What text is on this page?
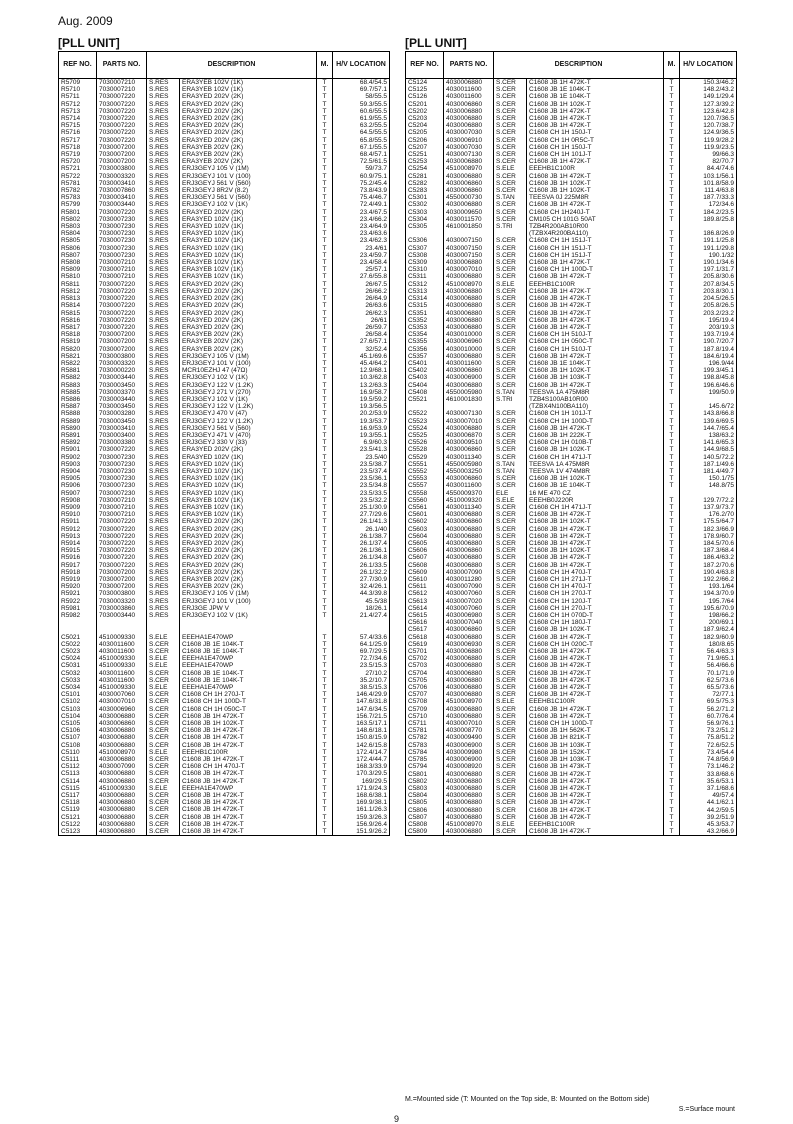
Aug. 2009
[PLL UNIT]	[PLL UNIT]
REF NO.	PARTS NO.	DESCRIPTION		M.	H/V LOCATION
R5709	7030007210	S.RES	ERA3YEB 102V (1K)	T	68.4/54.5
R5710	7030007210	S.RES	ERA3YEB 102V (1K)	T	69.7/57.1
R5711	7030007220	S.RES	ERA3YED 202V (2K)	T	58/55.5
R5712	7030007220	S.RES	ERA3YED 202V (2K)	T	59.3/55.5
R5713	7030007220	S.RES	ERA3YED 202V (2K)	T	60.6/55.5
R5714	7030007220	S.RES	ERA3YED 202V (2K)	T	61.9/55.5
R5715	7030007220	S.RES	ERA3YED 202V (2K)	T	63.2/55.5
R5716	7030007220	S.RES	ERA3YED 202V (2K)	T	64.5/55.5
R5717	7030007220	S.RES	ERA3YED 202V (2K)	T	65.8/55.5
R5718	7030007200	S.RES	ERA3YEB 202V (2K)	T	67.1/55.5
R5719	7030007200	S.RES	ERA3YEB 202V (2K)	T	68.4/57.1
R5720	7030007200	S.RES	ERA3YEB 202V (2K)	T	72.5/61.5
R5721	7030003800	S.RES	ERJ3GEYJ 105 V (1M)	T	59/73.7
R5722	7030003320	S.RES	ERJ3GEYJ 101 V (100)	T	60.9/75.1
R5781	7030003410	S.RES	ERJ3GEYJ 561 V (560)	T	75.2/45.4
R5782	7030007860	S.RES	ERJ3GEYJ 8R2V (8.2)	T	73.8/43.9
R5783	7030003410	S.RES	ERJ3GEYJ 561 V (560)	T	75.4/46.7
R5799	7030003440	S.RES	ERJ3GEYJ 102 V (1K)	T	72.4/49.1
R5801	7030007220	S.RES	ERA3YED 202V (2K)	T	23.4/67.5
R5802	7030007230	S.RES	ERA3YED 102V (1K)	T	23.4/66.2
R5803	7030007230	S.RES	ERA3YED 102V (1K)	T	23.4/64.9
R5804	7030007230	S.RES	ERA3YED 102V (1K)	T	23.4/63.6
R5805	7030007230	S.RES	ERA3YED 102V (1K)	T	23.4/62.3
R5806	7030007230	S.RES	ERA3YED 102V (1K)	T	23.4/61
R5807	7030007230	S.RES	ERA3YED 102V (1K)	T	23.4/59.7
R5808	7030007210	S.RES	ERA3YEB 102V (1K)	T	23.4/58.4
R5809	7030007210	S.RES	ERA3YEB 102V (1K)	T	25/57.1
R5810	7030007210	S.RES	ERA3YEB 102V (1K)	T	27.6/55.8
R5811	7030007220	S.RES	ERA3YED 202V (2K)	T	26/67.5
R5812	7030007220	S.RES	ERA3YED 202V (2K)	T	26/66.2
R5813	7030007220	S.RES	ERA3YED 202V (2K)	T	26/64.9
R5814	7030007220	S.RES	ERA3YED 202V (2K)	T	26/63.6
R5815	7030007220	S.RES	ERA3YED 202V (2K)	T	26/62.3
R5816	7030007220	S.RES	ERA3YED 202V (2K)	T	26/61
R5817	7030007220	S.RES	ERA3YED 202V (2K)	T	26/59.7
R5818	7030007200	S.RES	ERA3YEB 202V (2K)	T	26/58.4
R5819	7030007200	S.RES	ERA3YEB 202V (2K)	T	27.6/57.1
R5820	7030007200	S.RES	ERA3YEB 202V (2K)	T	32/52.4
R5821	7030003800	S.RES	ERJ3GEYJ 105 V (1M)	T	45.1/69.6
R5822	7030003320	S.RES	ERJ3GEYJ 101 V (100)	T	45.4/64.2
R5881	7030000220	S.RES	MCR10EZHJ 47 (47Ω)	T	12.9/68.1
R5882	7030003440	S.RES	ERJ3GEYJ 102 V (1K)	T	10.3/62.8
R5883	7030003450	S.RES	ERJ3GEYJ 122 V (1.2K)	T	13.2/63.3
R5885	7030003370	S.RES	ERJ3GEYJ 271 V (270)	T	16.9/58.7
R5886	7030003440	S.RES	ERJ3GEYJ 102 V (1K)	T	19.5/59.2
R5887	7030003450	S.RES	ERJ3GEYJ 122 V (1.2K)	T	19.3/56.5
R5888	7030003280	S.RES	ERJ3GEYJ 470 V (47)	T	20.2/53.9
R5889	7030003450	S.RES	ERJ3GEYJ 122 V (1.2K)	T	19.3/53.7
R5890	7030003410	S.RES	ERJ3GEYJ 561 V (560)	T	16.9/53.9
R5891	7030003400	S.RES	ERJ3GEYJ 471 V (470)	T	19.3/55.1
R5892	7030003380	S.RES	ERJ3GEYJ 330 V (33)	T	6.9/60.3
R5901	7030007220	S.RES	ERA3YED 202V (2K)	T	23.5/41.3
R5902	7030007230	S.RES	ERA3YED 102V (1K)	T	23.5/40
R5903	7030007230	S.RES	ERA3YED 102V (1K)	T	23.5/38.7
R5904	7030007230	S.RES	ERA3YED 102V (1K)	T	23.5/37.4
R5905	7030007230	S.RES	ERA3YED 102V (1K)	T	23.5/36.1
R5906	7030007230	S.RES	ERA3YED 102V (1K)	T	23.5/34.8
R5907	7030007230	S.RES	ERA3YED 102V (1K)	T	23.5/33.5
R5908	7030007210	S.RES	ERA3YEB 102V (1K)	T	23.5/32.2
R5909	7030007210	S.RES	ERA3YEB 102V (1K)	T	25.1/30.9
R5910	7030007210	S.RES	ERA3YEB 102V (1K)	T	27.7/29.6
R5911	7030007220	S.RES	ERA3YED 202V (2K)	T	26.1/41.3
R5912	7030007220	S.RES	ERA3YED 202V (2K)	T	26.1/40
R5913	7030007220	S.RES	ERA3YED 202V (2K)	T	26.1/38.7
R5914	7030007220	S.RES	ERA3YED 202V (2K)	T	26.1/37.4
R5915	7030007220	S.RES	ERA3YED 202V (2K)	T	26.1/36.1
R5916	7030007220	S.RES	ERA3YED 202V (2K)	T	26.1/34.8
R5917	7030007220	S.RES	ERA3YED 202V (2K)	T	26.1/33.5
R5918	7030007200	S.RES	ERA3YEB 202V (2K)	T	26.1/32.2
R5919	7030007200	S.RES	ERA3YEB 202V (2K)	T	27.7/30.9
R5920	7030007200	S.RES	ERA3YEB 202V (2K)	T	32.4/26.1
R5921	7030003800	S.RES	ERJ3GEYJ 105 V (1M)	T	44.3/39.8
R5922	7030003320	S.RES	ERJ3GEYJ 101 V (100)	T	45.5/38
R5981	7030003860	S.RES	ERJ3GE JPW V	T	18/26.1
R5982	7030003440	S.RES	ERJ3GEYJ 102 V (1K)	T	21.4/27.4

C5021	4510009330	S.ELE	EEEHA1E470WP	T	57.4/33.6
C5022	4030011600	S.CER	C1608 JB 1E 104K-T	T	64.1/25.9
C5023	4030011600	S.CER	C1608 JB 1E 104K-T	T	69.7/29.5
C5024	4510009330	S.ELE	EEEHA1E470WP	T	72.7/34.6
C5031	4510009330	S.ELE	EEEHA1E470WP	T	23.5/15.3
C5032	4030011600	S.CER	C1608 JB 1E 104K-T	T	27/10.2
C5033	4030011600	S.CER	C1608 JB 1E 104K-T	T	35.2/10.7
C5034	4510009330	S.ELE	EEEHA1E470WP	T	38.5/15.3
C5101	4030007060	S.CER	C1608 CH 1H 270J-T	T	146.4/29.9
C5102	4030007010	S.CER	C1608 CH 1H 100D-T	T	147.6/31.8
C5103	4030006960	S.CER	C1608 CH 1H 050C-T	T	147.6/34.5
C5104	4030006880	S.CER	C1608 JB 1H 472K-T	T	156.7/21.5
C5105	4030006860	S.CER	C1608 JB 1H 102K-T	T	163.5/17.1
C5106	4030006880	S.CER	C1608 JB 1H 472K-T	T	148.6/18.1
C5107	4030006880	S.CER	C1608 JB 1H 472K-T	T	150.8/15.9
C5108	4030006880	S.CER	C1608 JB 1H 472K-T	T	142.6/15.8
C5110	4510008970	S.ELE	EEEHB1C100R	T	172.4/14.7
C5111	4030006880	S.CER	C1608 JB 1H 472K-T	T	172.4/44.7
C5112	4030007090	S.CER	C1608 CH 1H 470J-T	T	168.3/33.9
C5113	4030006880	S.CER	C1608 JB 1H 472K-T	T	170.3/29.5
C5114	4030006880	S.CER	C1608 JB 1H 472K-T	T	169/29.5
C5115	4510009330	S.ELE	EEEHA1E470WP	T	171.9/24.3
C5117	4030006880	S.CER	C1608 JB 1H 472K-T	T	168.6/38.1
C5118	4030006880	S.CER	C1608 JB 1H 472K-T	T	169.9/38.1
C5119	4030006880	S.CER	C1608 JB 1H 472K-T	T	161.1/26.3
C5121	4030006880	S.CER	C1608 JB 1H 472K-T	T	159.3/26.3
C5122	4030006880	S.CER	C1608 JB 1H 472K-T	T	156.9/26.4
C5123	4030006880	S.CER	C1608 JB 1H 472K-T	T	151.9/26.2
REF NO.	PARTS NO.	DESCRIPTION		M.	H/V LOCATION
C5124	4030006880	S.CER	C1608 JB 1H 472K-T	T	150.3/46.2
C5125	4030011600	S.CER	C1608 JB 1E 104K-T	T	148.2/43.2
C5126	4030011600	S.CER	C1608 JB 1E 104K-T	T	149.1/29.4
C5201	4030006860	S.CER	C1608 JB 1H 102K-T	T	127.3/39.2
C5202	4030006880	S.CER	C1608 JB 1H 472K-T	T	123.6/42.8
C5203	4030006880	S.CER	C1608 JB 1H 472K-T	T	120.7/36.5
C5204	4030006880	S.CER	C1608 JB 1H 472K-T	T	120.7/38.7
C5205	4030007030	S.CER	C1608 CH 1H 150J-T	T	124.9/36.5
C5206	4030006910	S.CER	C1608 CH 1H 0R5C-T	T	119.9/28.2
C5207	4030007030	S.CER	C1608 CH 1H 150J-T	T	119.9/23.5
C5251	4030007130	S.CER	C1608 CH 1H 101J-T	T	99/66.3
C5253	4030006880	S.CER	C1608 JB 1H 472K-T	T	82/70.7
C5254	4510008970	S.ELE	EEEHB1C100R	T	84.4/74.6
C5281	4030006880	S.CER	C1608 JB 1H 472K-T	T	103.1/56.1
C5282	4030006860	S.CER	C1608 JB 1H 102K-T	T	101.8/58.9
C5283	4030006860	S.CER	C1608 JB 1H 102K-T	T	111.4/63.8
C5301	4550000730	S.TAN	TEESVA 0J 225M8R	T	187.7/33.3
C5302	4030006880	S.CER	C1608 JB 1H 472K-T	T	172/34.6
C5303	4030009650	S.CER	C1608 CH 1H240J-T	T	184.2/23.5
C5304	4030011570	S.CER	CM105 CH 101G 50AT	T	189.8/25.8
C5305	4610001850	S.TRI	TZB4R200AB10R00		
			(TZBX4R200BA110)	T	186.8/26.9
C5306	4030007150	S.CER	C1608 CH 1H 151J-T	T	191.1/25.8
C5307	4030007150	S.CER	C1608 CH 1H 151J-T	T	191.1/29.8
C5308	4030007150	S.CER	C1608 CH 1H 151J-T	T	190.1/32
C5309	4030006880	S.CER	C1608 JB 1H 472K-T	T	190.1/34.6
C5310	4030007010	S.CER	C1608 CH 1H 100D-T	T	197.1/31.7
C5311	4030006880	S.CER	C1608 JB 1H 472K-T	T	205.8/30.6
C5312	4510008970	S.ELE	EEEHB1C100R	T	207.8/34.5
C5313	4030006880	S.CER	C1608 JB 1H 472K-T	T	203.8/30.1
C5314	4030006880	S.CER	C1608 JB 1H 472K-T	T	204.5/26.5
C5315	4030006880	S.CER	C1608 JB 1H 472K-T	T	205.8/26.5
C5351	4030006880	S.CER	C1608 JB 1H 472K-T	T	203.2/23.2
C5352	4030006880	S.CER	C1608 JB 1H 472K-T	T	195/19.4
C5353	4030006880	S.CER	C1608 JB 1H 472K-T	T	203/19.3
C5354	4030010000	S.CER	C1608 CH 1H 510J-T	T	193.7/19.4
C5355	4030006960	S.CER	C1608 CH 1H 050C-T	T	190.7/20.7
C5356	4030010000	S.CER	C1608 CH 1H 510J-T	T	187.8/19.4
C5357	4030006880	S.CER	C1608 JB 1H 472K-T	T	184.6/19.4
C5401	4030011600	S.CER	C1608 JB 1E 104K-T	T	196.9/44
C5402	4030006860	S.CER	C1608 JB 1H 102K-T	T	199.3/45.1
C5403	4030006900	S.CER	C1608 JB 1H 103K-T	T	198.8/45.8
C5404	4030006880	S.CER	C1608 JB 1H 472K-T	T	196.6/46.6
C5408	4550005980	S.TAN	TEESVA 1A 475M8R	T	199/50.9
C5521	4610001830	S.TRI	TZB4S100AB10R00		
			(TZBX4N100BA110)	T	145.6/72
C5522	4030007130	S.CER	C1608 CH 1H 101J-T	T	143.8/66.8
C5523	4030007010	S.CER	C1608 CH 1H 100D-T	T	139.6/69.5
C5524	4030006880	S.CER	C1608 JB 1H 472K-T	T	144.7/65.4
C5525	4030006870	S.CER	C1608 JB 1H 222K-T	T	138/63.2
C5526	4030009510	S.CER	C1608 CH 1H 010B-T	T	141.6/65.3
C5528	4030006860	S.CER	C1608 JB 1H 102K-T	T	144.9/68.5
C5529	4030011340	S.CER	C1608 CH 1H 471J-T	T	140.5/72.2
C5551	4550005980	S.TAN	TEESVA 1A 475M8R	T	187.1/49.6
C5552	4550003250	S.TAN	TEESVA 1V 474M8R	T	181.4/49.7
C5553	4030006860	S.CER	C1608 JB 1H 102K-T	T	150.1/75
C5557	4030011600	S.CER	C1608 JB 1E 104K-T	T	148.8/75
C5558	4550009370	ELE	16 ME 470 CZ		
C5560	4510009320	S.ELE	EEEHB0J220R	T	129.7/72.2
C5561	4030011340	S.CER	C1608 CH 1H 471J-T	T	137.9/73.7
C5601	4030006880	S.CER	C1608 JB 1H 472K-T	T	176.2/70
C5602	4030006860	S.CER	C1608 JB 1H 102K-T	T	175.5/64.7
C5603	4030006880	S.CER	C1608 JB 1H 472K-T	T	182.3/66.9
C5604	4030006880	S.CER	C1608 JB 1H 472K-T	T	178.9/60.7
C5605	4030006880	S.CER	C1608 JB 1H 472K-T	T	184.5/70.6
C5606	4030006860	S.CER	C1608 JB 1H 102K-T	T	187.3/68.4
C5607	4030006880	S.CER	C1608 JB 1H 472K-T	T	186.4/63.2
C5608	4030006880	S.CER	C1608 JB 1H 472K-T	T	187.2/70.6
C5609	4030007090	S.CER	C1608 CH 1H 470J-T	T	190.4/63.8
C5610	4030011280	S.CER	C1608 CH 1H 271J-T	T	192.2/66.2
C5611	4030007090	S.CER	C1608 CH 1H 470J-T	T	193.1/64
C5612	4030007060	S.CER	C1608 CH 1H 270J-T	T	194.3/70.9
C5613	4030007020	S.CER	C1608 CH 1H 120J-T	T	195.7/64
C5614	4030007060	S.CER	C1608 CH 1H 270J-T	T	195.6/70.9
C5615	4030006980	S.CER	C1608 CH 1H 070D-T	T	198/66.2
C5616	4030007040	S.CER	C1608 CH 1H 180J-T	T	200/69.1
C5617	4030006860	S.CER	C1608 JB 1H 102K-T	T	187.9/62.4
C5618	4030006880	S.CER	C1608 JB 1H 472K-T	T	182.9/60.9
C5619	4030006930	S.CER	C1608 CH 1H 020C-T	T	180/8.65
C5701	4030006880	S.CER	C1608 JB 1H 472K-T	T	56.4/63.3
C5702	4030006880	S.CER	C1608 JB 1H 472K-T	T	71.9/65.1
C5703	4030006880	S.CER	C1608 JB 1H 472K-T	T	56.4/66.6
C5704	4030006880	S.CER	C1608 JB 1H 472K-T	T	70.1/71.9
C5705	4030006880	S.CER	C1608 JB 1H 472K-T	T	62.5/73.6
C5706	4030006880	S.CER	C1608 JB 1H 472K-T	T	65.5/73.6
C5707	4030006880	S.CER	C1608 JB 1H 472K-T	T	72/77.1
C5708	4510008970	S.ELE	EEEHB1C100R	T	69.5/75.3
C5709	4030006880	S.CER	C1608 JB 1H 472K-T	T	56.2/71.2
C5710	4030006880	S.CER	C1608 JB 1H 472K-T	T	60.7/76.4
C5711	4030007010	S.CER	C1608 CH 1H 100D-T	T	56.9/76.1
C5781	4030008770	S.CER	C1608 JB 1H 562K-T	T	73.2/51.2
C5782	4030009490	S.CER	C1608 JB 1H 821K-T	T	75.8/51.2
C5783	4030006900	S.CER	C1608 JB 1H 103K-T	T	72.6/52.5
C5784	4030009980	S.CER	C1608 JB 1H 152K-T	T	73.4/54.4
C5785	4030006900	S.CER	C1608 JB 1H 103K-T	T	74.8/56.9
C5794	4030008920	S.CER	C1608 JB 1H 473K-T	T	73.1/46.2
C5801	4030006880	S.CER	C1608 JB 1H 472K-T	T	33.8/68.6
C5802	4030006880	S.CER	C1608 JB 1H 472K-T	T	35.6/53.1
C5803	4030006880	S.CER	C1608 JB 1H 472K-T	T	37.1/68.6
C5804	4030006880	S.CER	C1608 JB 1H 472K-T	T	49/57.4
C5805	4030006880	S.CER	C1608 JB 1H 472K-T	T	44.1/62.1
C5806	4030006880	S.CER	C1608 JB 1H 472K-T	T	44.2/59.5
C5807	4030006880	S.CER	C1608 JB 1H 472K-T	T	39.2/51.9
C5808	4510008970	S.ELE	EEEHB1C100R	T	45.3/53.7
C5809	4030006880	S.CER	C1608 JB 1H 472K-T	T	43.2/66.9
M.=Mounted side (T: Mounted on the Top side, B: Mounted on the Bottom side)
S.=Surface mount
9
